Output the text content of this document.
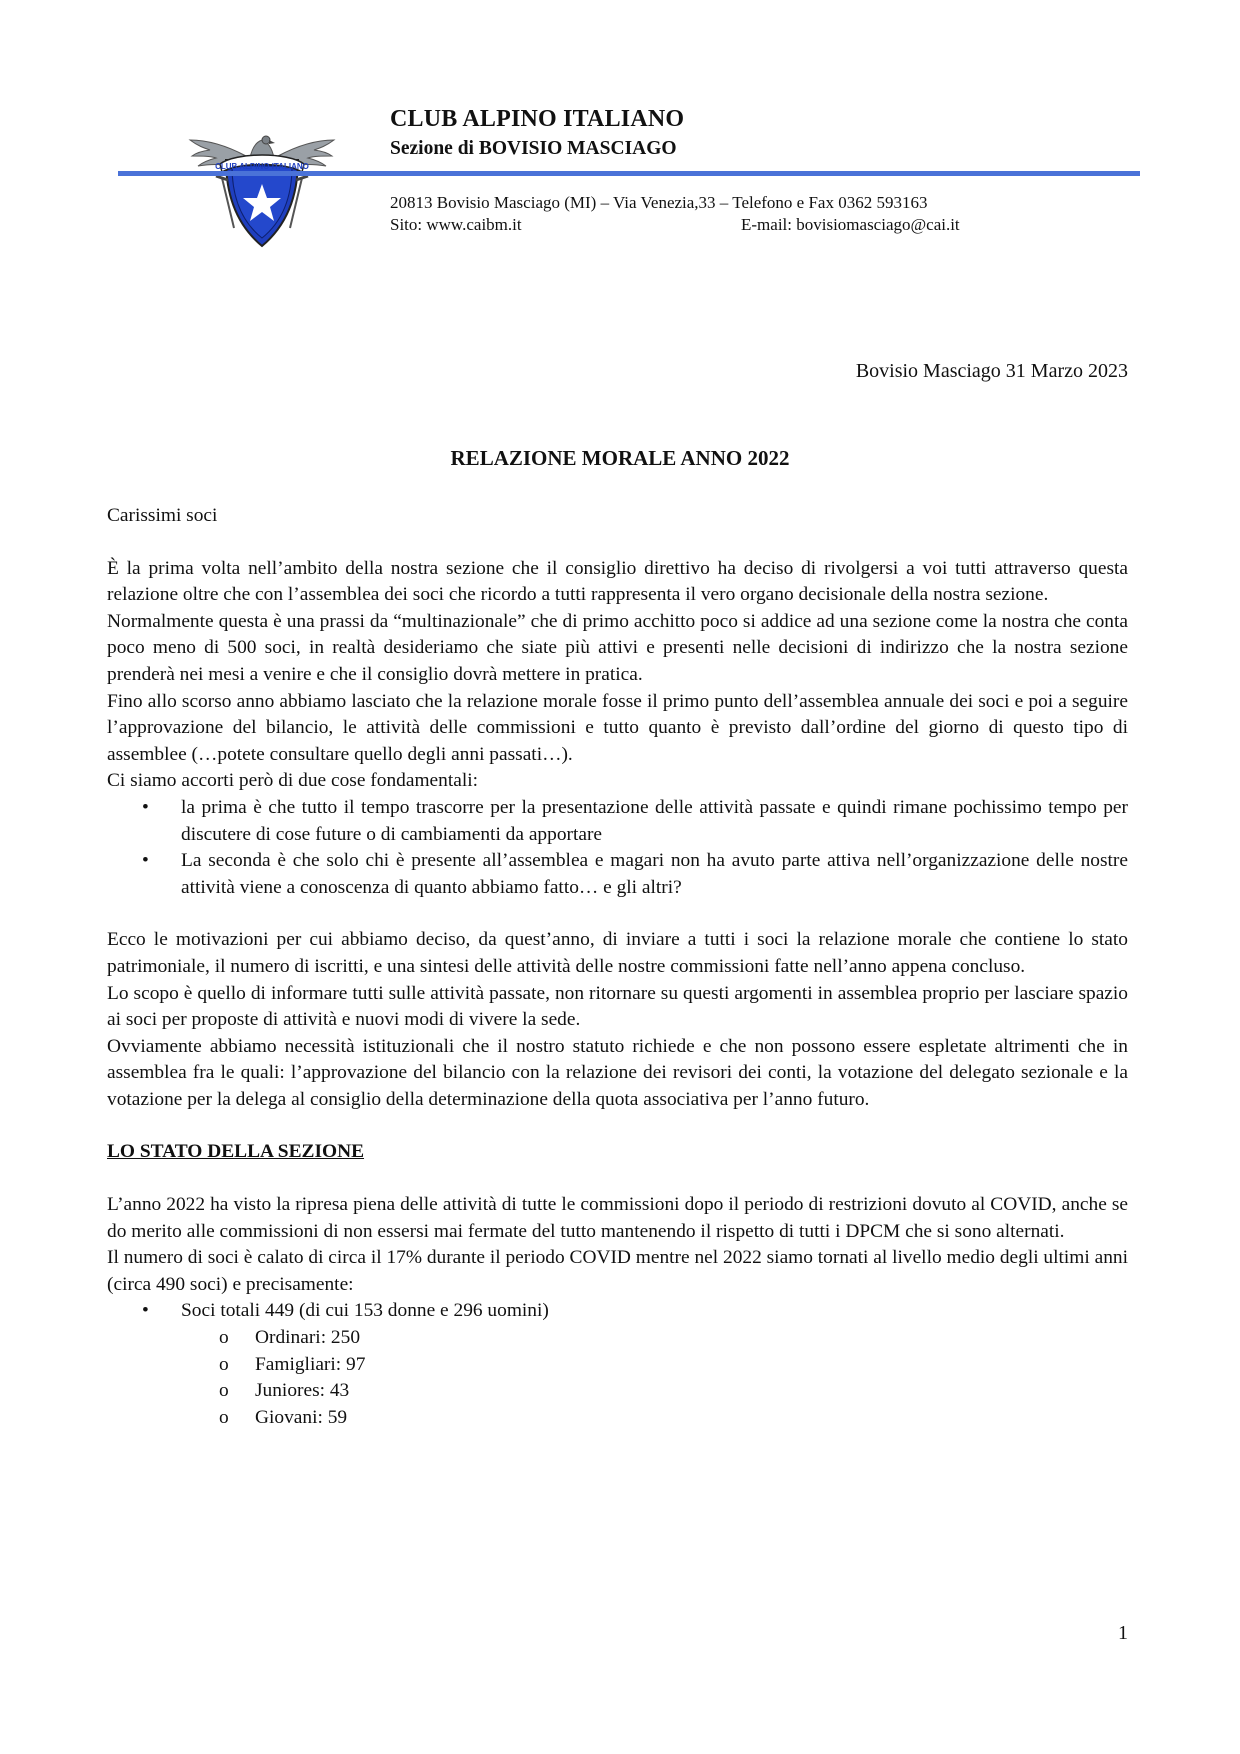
CLUB ALPINO ITALIANO
CLUB ALPINO ITALIANO
Sezione di BOVISIO MASCIAGO
20813 Bovisio Masciago (MI) – Via Venezia,33 – Telefono e Fax 0362 593163
Sito: www.caibm.it	E-mail: bovisiomasciago@cai.it
Bovisio Masciago 31 Marzo 2023
RELAZIONE MORALE ANNO 2022

Carissimi soci

È la prima volta nell’ambito della nostra sezione che il consiglio direttivo ha deciso di rivolgersi a voi tutti attraverso questa relazione oltre che con l’assemblea dei soci che ricordo a tutti rappresenta il vero organo decisionale della nostra sezione.

Normalmente questa è una prassi da “multinazionale” che di primo acchitto poco si addice ad una sezione come la nostra che conta poco meno di 500 soci, in realtà desideriamo che siate più attivi e presenti nelle decisioni di indirizzo che la nostra sezione prenderà nei mesi a venire e che il consiglio dovrà mettere in pratica.

Fino allo scorso anno abbiamo lasciato che la relazione morale fosse il primo punto dell’assemblea annuale dei soci e poi a seguire l’approvazione del bilancio, le attività delle commissioni e tutto quanto è previsto dall’ordine del giorno di questo tipo di assemblee (…potete consultare quello degli anni passati…).

Ci siamo accorti però di due cose fondamentali:

• la prima è che tutto il tempo trascorre per la presentazione delle attività passate e quindi rimane pochissimo tempo per discutere di cose future o di cambiamenti da apportare
• La seconda è che solo chi è presente all’assemblea e magari non ha avuto parte attiva nell’organizzazione delle nostre attività viene a conoscenza di quanto abbiamo fatto… e gli altri?

Ecco le motivazioni per cui abbiamo deciso, da quest’anno, di inviare a tutti i soci la relazione morale che contiene lo stato patrimoniale, il numero di iscritti, e una sintesi delle attività delle nostre commissioni fatte nell’anno appena concluso.

Lo scopo è quello di informare tutti sulle attività passate, non ritornare su questi argomenti in assemblea proprio per lasciare spazio ai soci per proposte di attività e nuovi modi di vivere la sede.

Ovviamente abbiamo necessità istituzionali che il nostro statuto richiede e che non possono essere espletate altrimenti che in assemblea fra le quali: l’approvazione del bilancio con la relazione dei revisori dei conti, la votazione del delegato sezionale e la votazione per la delega al consiglio della determinazione della quota associativa per l’anno futuro.

LO STATO DELLA SEZIONE

L’anno 2022 ha visto la ripresa piena delle attività di tutte le commissioni dopo il periodo di restrizioni dovuto al COVID, anche se do merito alle commissioni di non essersi mai fermate del tutto mantenendo il rispetto di tutti i DPCM che si sono alternati.

Il numero di soci è calato di circa il 17% durante il periodo COVID mentre nel 2022 siamo tornati al livello medio degli ultimi anni (circa 490 soci) e precisamente:

• Soci totali 449 (di cui 153 donne e 296 uomini)
o Ordinari: 250
o Famigliari: 97
o Juniores: 43
o Giovani: 59
1
